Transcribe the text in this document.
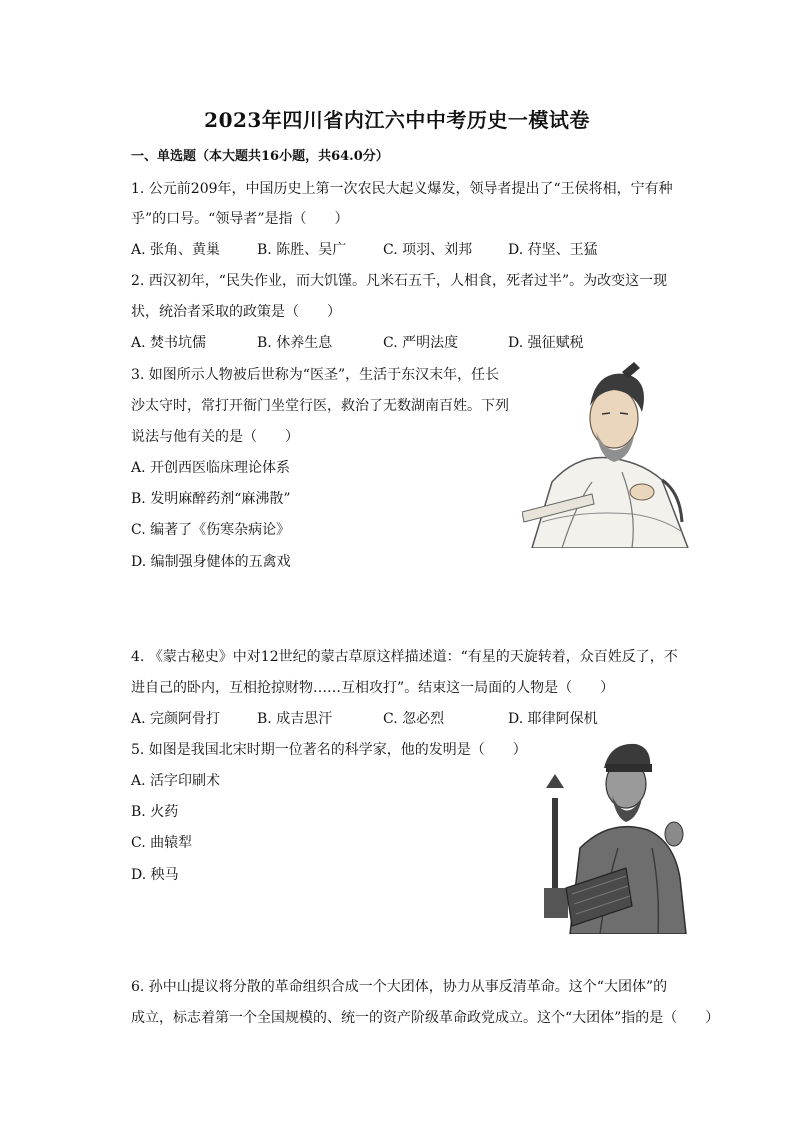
2023年四川省内江六中中考历史一模试卷
一、单选题（本大题共16小题，共64.0分）
1. 公元前209年，中国历史上第一次农民大起义爆发，领导者提出了“王侯将相，宁有种
乎”的口号。“领导者”是指（　　）
A. 张角、黄巢	B. 陈胜、吴广	C. 项羽、刘邦	D. 苻坚、王猛
2. 西汉初年，“民失作业，而大饥馑。凡米石五千，人相食，死者过半”。为改变这一现
状，统治者采取的政策是（　　）
A. 焚书坑儒	B. 休养生息	C. 严明法度	D. 强征赋税
3. 如图所示人物被后世称为“医圣”，生活于东汉末年，任长
沙太守时，常打开衙门坐堂行医，救治了无数湖南百姓。下列
说法与他有关的是（　　）
A. 开创西医临床理论体系
B. 发明麻醉药剂“麻沸散”
C. 编著了《伤寒杂病论》
D. 编制强身健体的五禽戏
4. 《蒙古秘史》中对12世纪的蒙古草原这样描述道：“有星的天旋转着，众百姓反了，不
进自己的卧内，互相抢掠财物……互相攻打”。结束这一局面的人物是（　　）
A. 完颜阿骨打	B. 成吉思汗	C. 忽必烈	D. 耶律阿保机
5. 如图是我国北宋时期一位著名的科学家，他的发明是（　　）
A. 活字印刷术
B. 火药
C. 曲辕犁
D. 秧马
6. 孙中山提议将分散的革命组织合成一个大团体，协力从事反清革命。这个“大团体”的
成立，标志着第一个全国规模的、统一的资产阶级革命政党成立。这个“大团体”指的是（　　）
